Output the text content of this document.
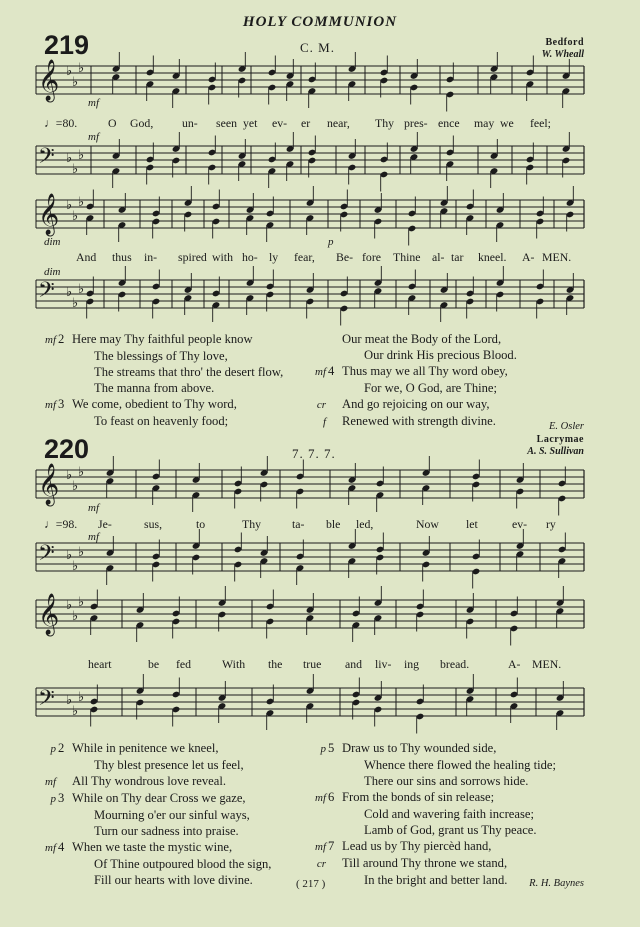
HOLY COMMUNION
219	C. M.	Bedford
W. Wheall
𝄞 ♭
♭
♭
𝄢 ♭
♭
♭
𝄞 ♭
♭
♭
𝄢 ♭
♭
♭
𝄞 ♭
♭
♭
𝄢 ♭
♭
♭
𝄞 ♭
♭
♭
𝄢 ♭
♭
♭
mf
♩=80.	O God, un- seen yet ev- er near, Thy pres- ence may we feel;
mf
dim	p
And thus in- spired with ho- ly fear, Be- fore Thine al- tar kneel. A- MEN.
dim
mf 2 Here may Thy faithful people know
The blessings of Thy love,
The streams that thro' the desert flow,
The manna from above.
mf 3 We come, obedient to Thy word,
To feast on heavenly food;
Our meat the Body of the Lord,
Our drink His precious Blood.
mf 4 Thus may we all Thy word obey,
For we, O God, are Thine;
cr And go rejoicing on our way,
f Renewed with strength divine.	E. Osler
220	7. 7. 7.
Lacrymae
A. S. Sullivan
mf
♩=98. Je-	sus,	to	Thy	ta- ble led,	Now let	ev- ry
mf
heart	be fed	With the true and liv- ing bread.	A- MEN.
p 2 While in penitence we kneel,
Thy blest presence let us feel,
mf All Thy wondrous love reveal.
p 3 While on Thy dear Cross we gaze,
Mourning o'er our sinful ways,
Turn our sadness into praise.
mf 4 When we taste the mystic wine,
Of Thine outpoured blood the sign,
Fill our hearts with love divine.
p 5 Draw us to Thy wounded side,
Whence there flowed the healing tide;
There our sins and sorrows hide.
mf 6 From the bonds of sin release;
Cold and wavering faith increase;
Lamb of God, grant us Thy peace.
mf 7 Lead us by Thy piercèd hand,
cr Till around Thy throne we stand,
In the bright and better land.
( 217 )	R. H. Baynes
